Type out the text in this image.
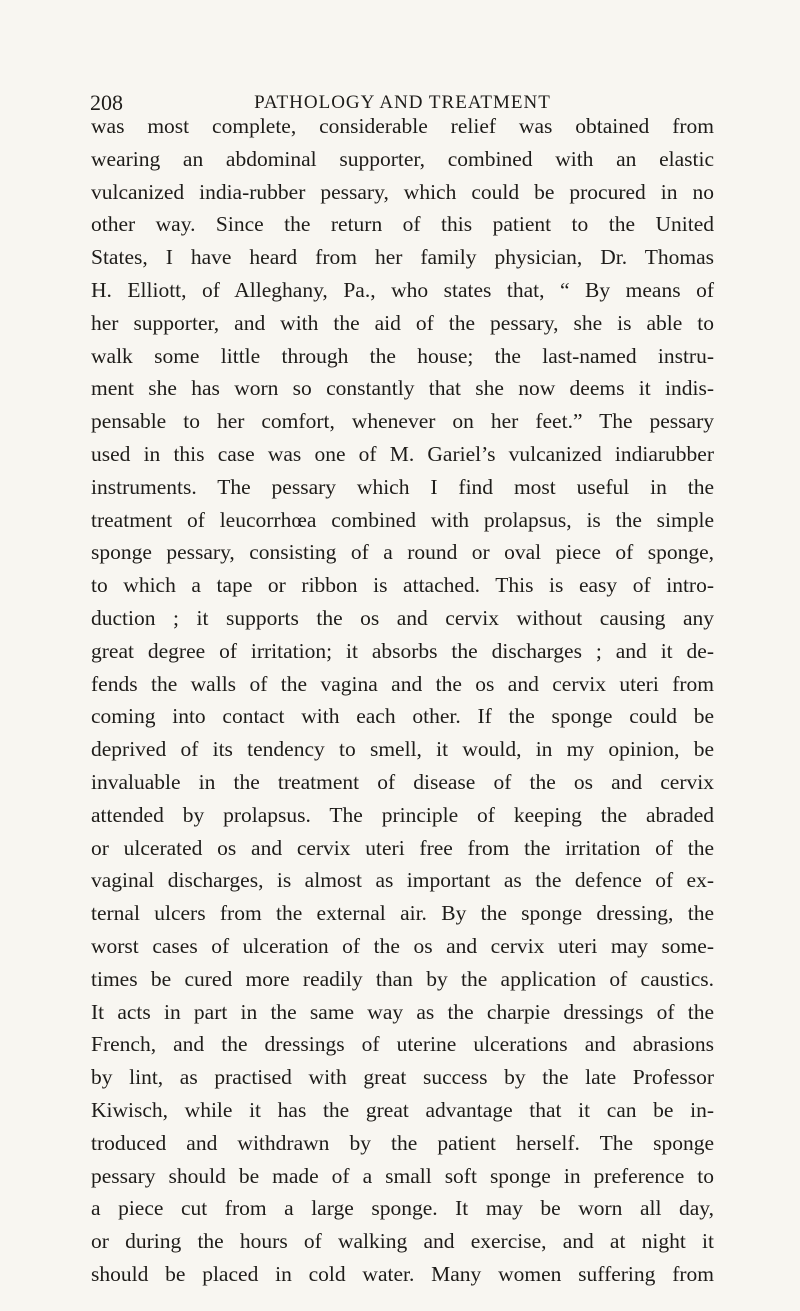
208	PATHOLOGY AND TREATMENT
was most complete, considerable relief was obtained from
wearing an abdominal supporter, combined with an elastic
vulcanized india-rubber pessary, which could be procured in no
other way. Since the return of this patient to the United
States, I have heard from her family physician, Dr. Thomas
H. Elliott, of Alleghany, Pa., who states that, “ By means of
her supporter, and with the aid of the pessary, she is able to
walk some little through the house; the last-named instru-
ment she has worn so constantly that she now deems it indis-
pensable to her comfort, whenever on her feet.” The pessary
used in this case was one of M. Gariel’s vulcanized indiarubber
instruments. The pessary which I find most useful in the
treatment of leucorrhœa combined with prolapsus, is the simple
sponge pessary, consisting of a round or oval piece of sponge,
to which a tape or ribbon is attached. This is easy of intro-
duction ; it supports the os and cervix without causing any
great degree of irritation; it absorbs the discharges ; and it de-
fends the walls of the vagina and the os and cervix uteri from
coming into contact with each other. If the sponge could be
deprived of its tendency to smell, it would, in my opinion, be
invaluable in the treatment of disease of the os and cervix
attended by prolapsus. The principle of keeping the abraded
or ulcerated os and cervix uteri free from the irritation of the
vaginal discharges, is almost as important as the defence of ex-
ternal ulcers from the external air. By the sponge dressing, the
worst cases of ulceration of the os and cervix uteri may some-
times be cured more readily than by the application of caustics.
It acts in part in the same way as the charpie dressings of the
French, and the dressings of uterine ulcerations and abrasions
by lint, as practised with great success by the late Professor
Kiwisch, while it has the great advantage that it can be in-
troduced and withdrawn by the patient herself. The sponge
pessary should be made of a small soft sponge in preference to
a piece cut from a large sponge. It may be worn all day,
or during the hours of walking and exercise, and at night it
should be placed in cold water. Many women suffering from
